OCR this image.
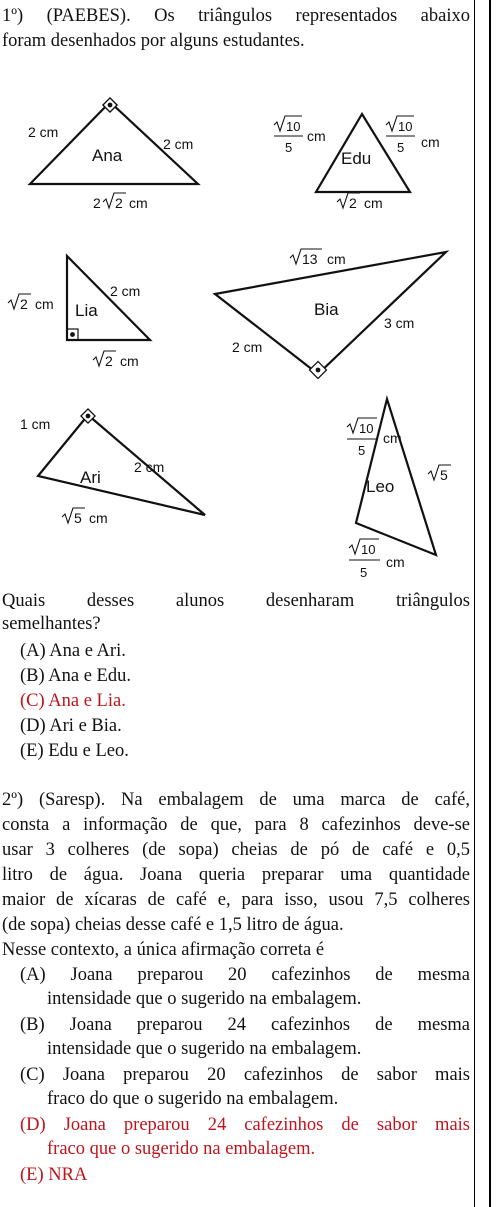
1º) (PAEBES). Os triângulos representados abaixo
foram desenhados por alguns estudantes.
Ana
2 cm
2 cm
2 2 cm
Edu
10
5
cm
10
5 cm
2 cm
Lia
2 cm
2 cm
2 cm
Bia
13 cm
3 cm
2 cm
Ari
1 cm
2 cm
5 cm
Leo
10
5
cm
5
10
5
cm
Quais desses alunos desenharam triângulos
semelhantes?
(A) Ana e Ari.
(B) Ana e Edu.
(C) Ana e Lia.
(D) Ari e Bia.
(E) Edu e Leo.
2º) (Saresp). Na embalagem de uma marca de café,
consta a informação de que, para 8 cafezinhos deve-se
usar 3 colheres (de sopa) cheias de pó de café e 0,5
litro de água. Joana queria preparar uma quantidade
maior de xícaras de café e, para isso, usou 7,5 colheres
(de sopa) cheias desse café e 1,5 litro de água.
Nesse contexto, a única afirmação correta é
(A) Joana preparou 20 cafezinhos de mesma
intensidade que o sugerido na embalagem.
(B) Joana preparou 24 cafezinhos de mesma
intensidade que o sugerido na embalagem.
(C) Joana preparou 20 cafezinhos de sabor mais
fraco do que o sugerido na embalagem.
(D) Joana preparou 24 cafezinhos de sabor mais
fraco que o sugerido na embalagem.
(E) NRA
